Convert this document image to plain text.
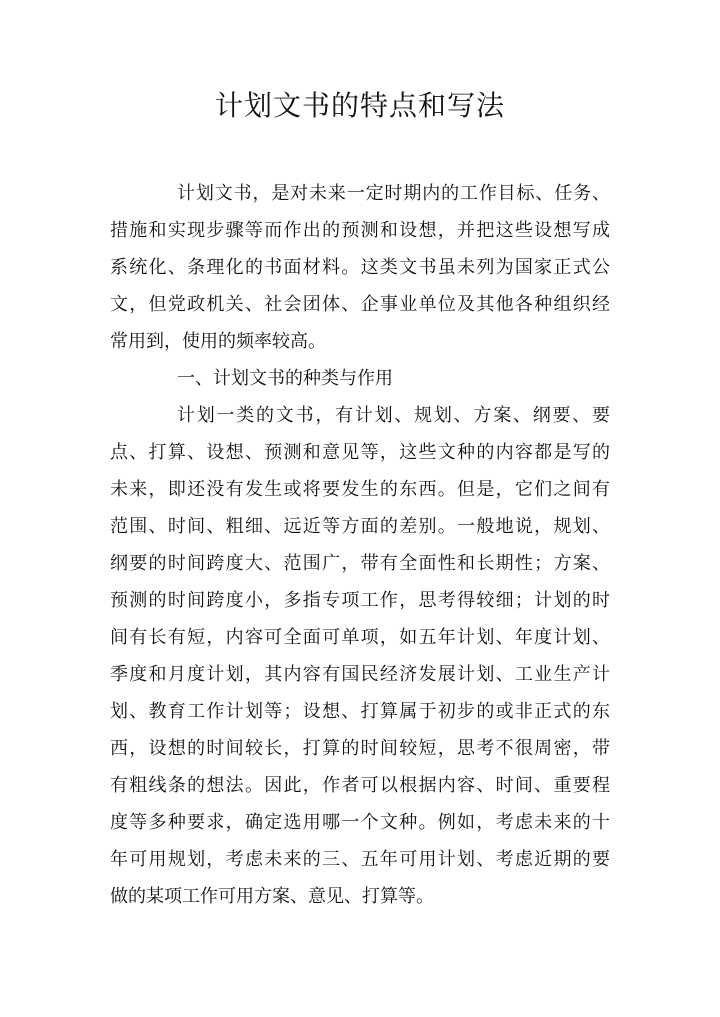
计划文书的特点和写法
计划文书，是对未来一定时期内的工作目标、任务、
措施和实现步骤等而作出的预测和设想，并把这些设想写成
系统化、条理化的书面材料。这类文书虽未列为国家正式公
文，但党政机关、社会团体、企事业单位及其他各种组织经
常用到，使用的频率较高。
一、计划文书的种类与作用
计划一类的文书，有计划、规划、方案、纲要、要
点、打算、设想、预测和意见等，这些文种的内容都是写的
未来，即还没有发生或将要发生的东西。但是，它们之间有
范围、时间、粗细、远近等方面的差别。一般地说，规划、
纲要的时间跨度大、范围广，带有全面性和长期性；方案、
预测的时间跨度小，多指专项工作，思考得较细；计划的时
间有长有短，内容可全面可单项，如五年计划、年度计划、
季度和月度计划，其内容有国民经济发展计划、工业生产计
划、教育工作计划等；设想、打算属于初步的或非正式的东
西，设想的时间较长，打算的时间较短，思考不很周密，带
有粗线条的想法。因此，作者可以根据内容、时间、重要程
度等多种要求，确定选用哪一个文种。例如，考虑未来的十
年可用规划，考虑未来的三、五年可用计划、考虑近期的要
做的某项工作可用方案、意见、打算等。
